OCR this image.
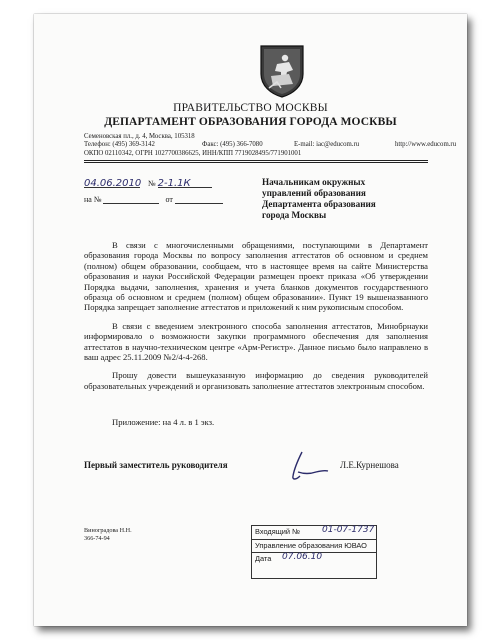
ПРАВИТЕЛЬСТВО МОСКВЫ
ДЕПАРТАМЕНТ ОБРАЗОВАНИЯ ГОРОДА МОСКВЫ
Семеновская пл., д. 4, Москва, 105318
Телефон: (495) 369-3142	Факс: (495) 366-7080	E-mail: iac@educom.ru	http://www.educom.ru
ОКПО 02110342, ОГРН 1027700386625, ИНН/КПП 7719028495/771901001
04.06.2010 № 2-1.1К
на №	от
Начальникам окружных
управлений образования
Департамента образования
города Москвы

В связи с многочисленными обращениями, поступающими в Департамент образования города Москвы по вопросу заполнения аттестатов об основном и среднем (полном) общем образовании, сообщаем, что в настоящее время на сайте Министерства образования и науки Российской Федерации размещен проект приказа «Об утверждении Порядка выдачи, заполнения, хранения и учета бланков документов государственного образца об основном и среднем (полном) общем образовании». Пункт 19 вышеназванного Порядка запрещает заполнение аттестатов и приложений к ним рукописным способом.

В связи с введением электронного способа заполнения аттестатов, Минобрнауки информировало о возможности закупки программного обеспечения для заполнения аттестатов в научно-техническом центре «Арм-Регистр». Данное письмо было направлено в ваш адрес 25.11.2009 №2/4-4-268.

Прошу довести вышеуказанную информацию до сведения руководителей образовательных учреждений и организовать заполнение аттестатов электронным способом.

Приложение: на 4 л. в 1 экз.
Первый заместитель руководителя	Л.Е.Курнешова
Виноградова Н.Н.
366-74-94
Входящий № 01-07-1737
Управление образования ЮВАО
Дата 07.06.10
